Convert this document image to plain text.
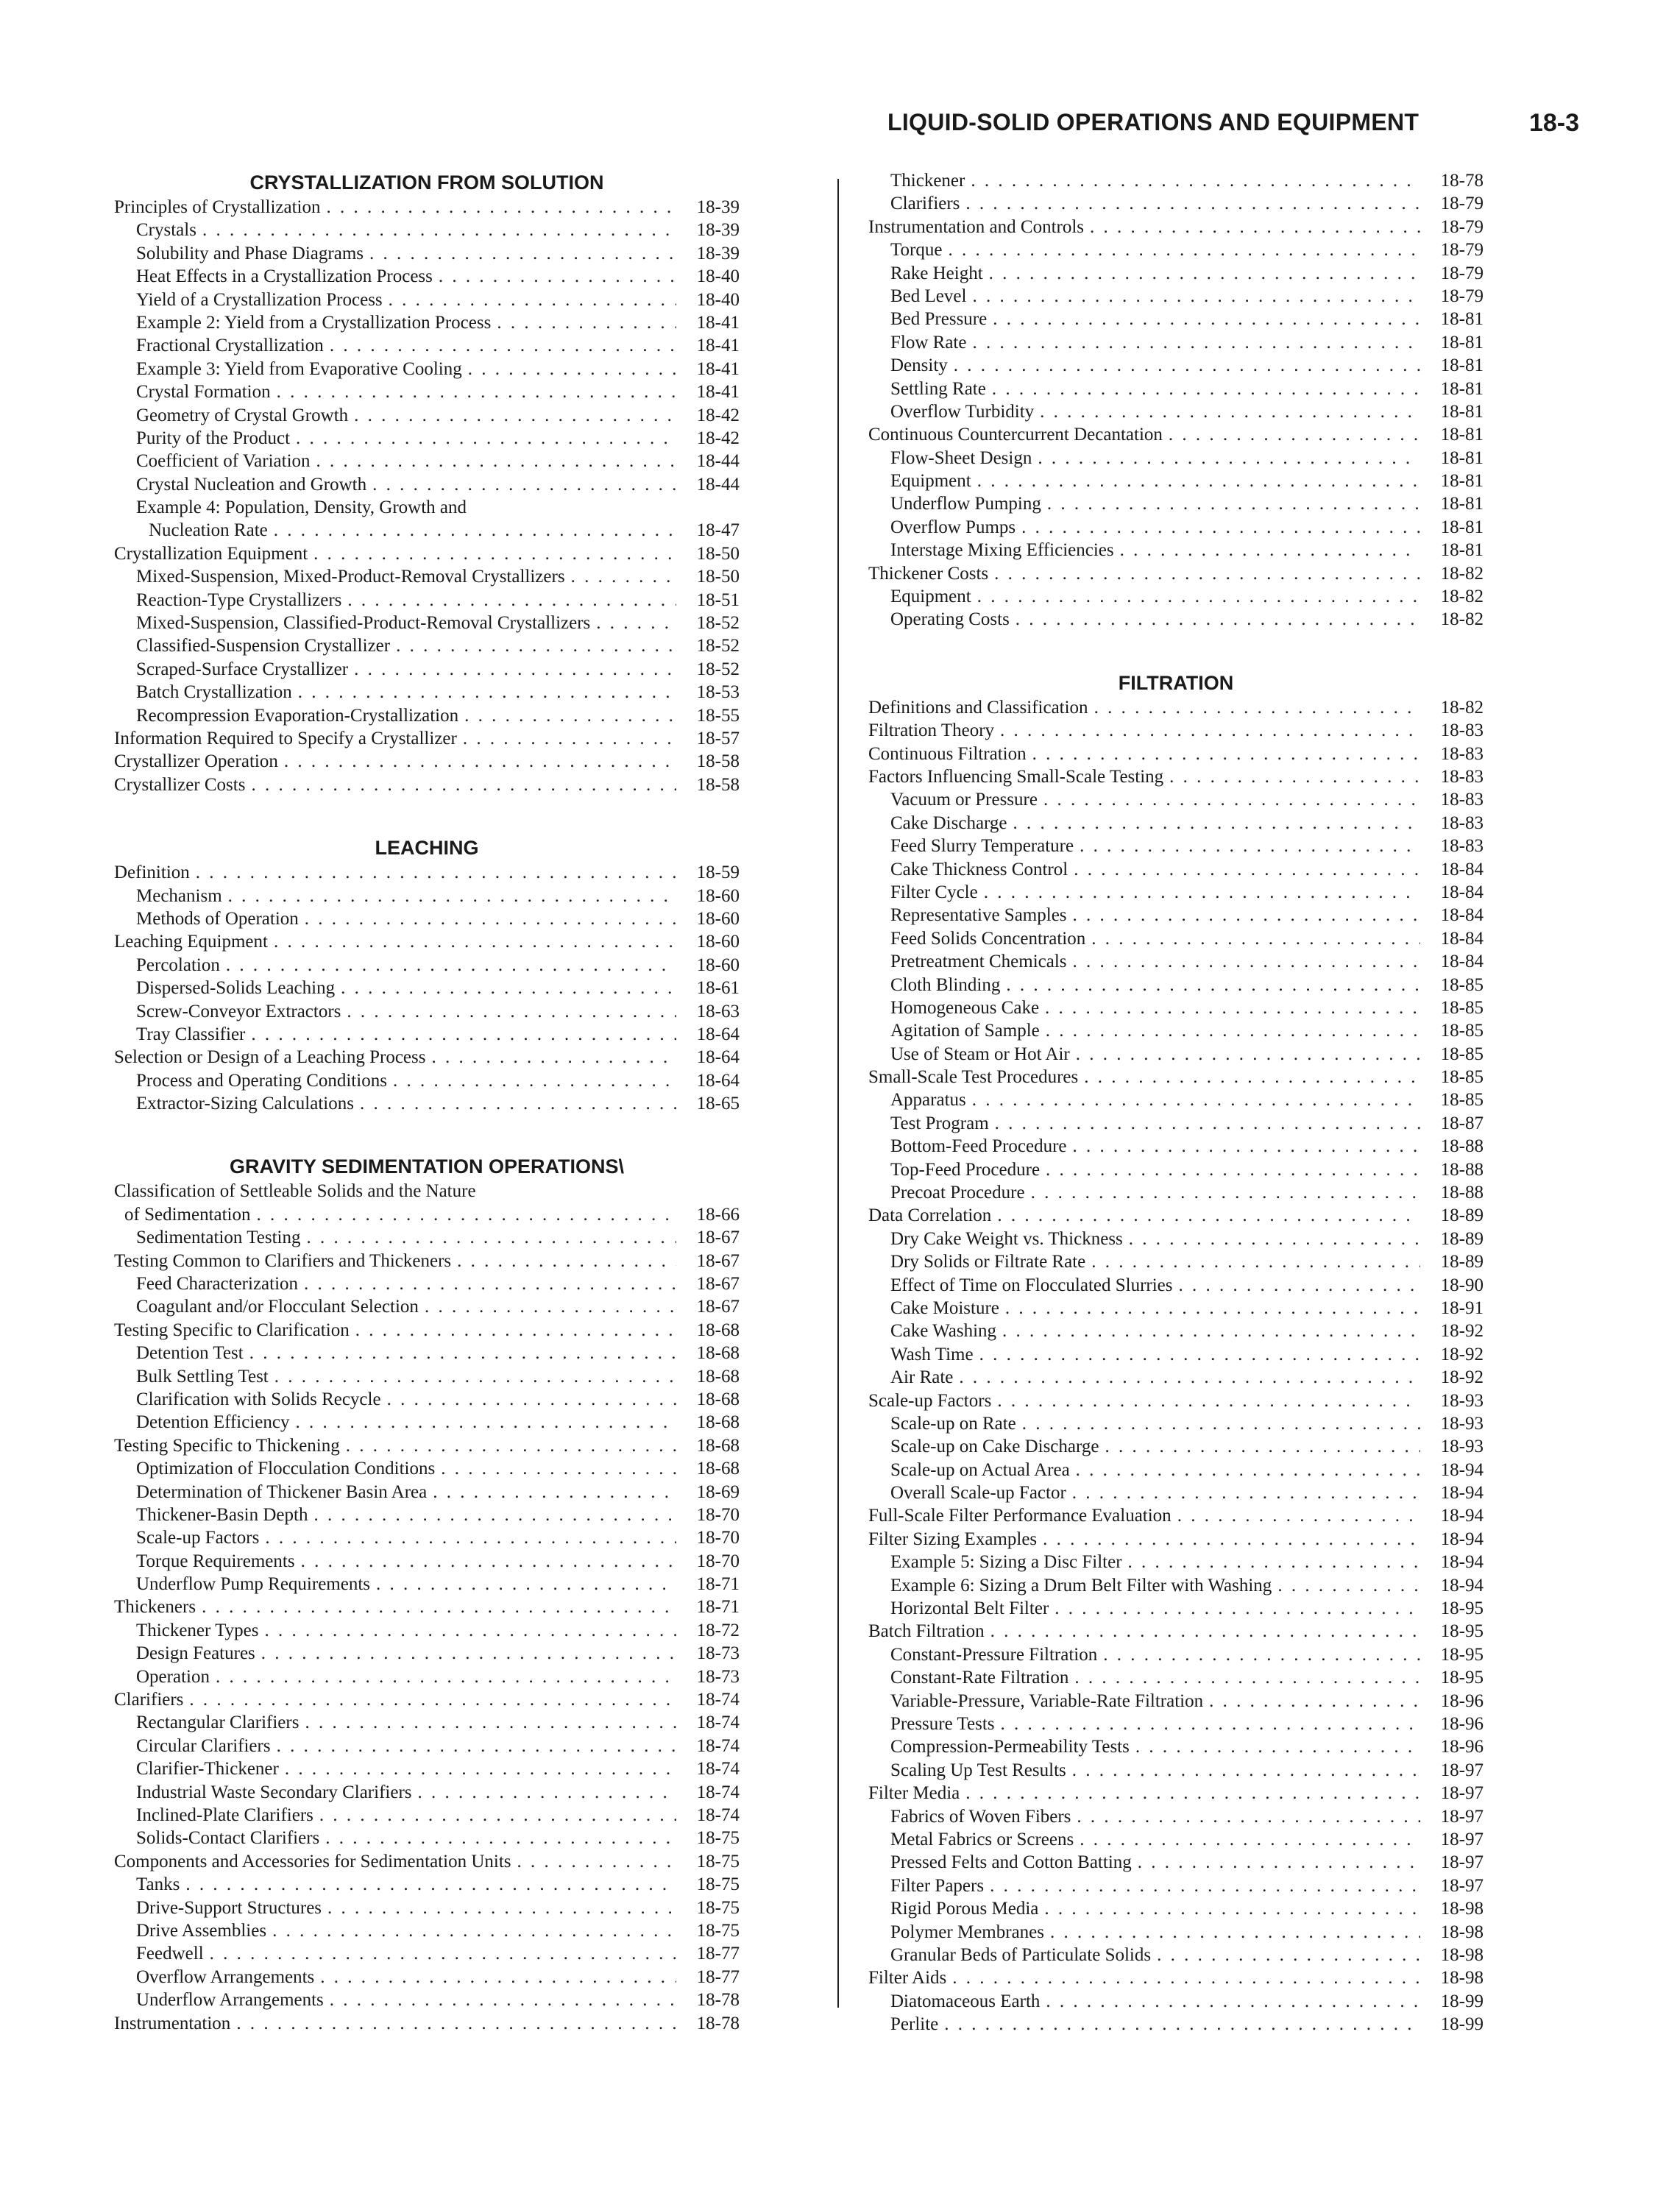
LIQUID-SOLID OPERATIONS AND EQUIPMENT	18-3
CRYSTALLIZATION FROM SOLUTION
Principles of Crystallization . . .	18-39
Crystals . . .	18-39
Solubility and Phase Diagrams . . .	18-39
Heat Effects in a Crystallization Process . . .	18-40
Yield of a Crystallization Process . . .	18-40
Example 2: Yield from a Crystallization Process . . .	18-41
Fractional Crystallization . . .	18-41
Example 3: Yield from Evaporative Cooling . . .	18-41
Crystal Formation . . .	18-41
Geometry of Crystal Growth . . .	18-42
Purity of the Product . . .	18-42
Coefficient of Variation . . .	18-44
Crystal Nucleation and Growth . . .	18-44
Example 4: Population, Density, Growth and
Nucleation Rate . . .	18-47
Crystallization Equipment . . .	18-50
Mixed-Suspension, Mixed-Product-Removal Crystallizers . . .	18-50
Reaction-Type Crystallizers . . .	18-51
Mixed-Suspension, Classified-Product-Removal Crystallizers . . .	18-52
Classified-Suspension Crystallizer . . .	18-52
Scraped-Surface Crystallizer . . .	18-52
Batch Crystallization . . .	18-53
Recompression Evaporation-Crystallization . . .	18-55
Information Required to Specify a Crystallizer . . .	18-57
Crystallizer Operation . . .	18-58
Crystallizer Costs . . .	18-58
LEACHING
Definition . . .	18-59
Mechanism . . .	18-60
Methods of Operation . . .	18-60
Leaching Equipment . . .	18-60
Percolation . . .	18-60
Dispersed-Solids Leaching . . .	18-61
Screw-Conveyor Extractors . . .	18-63
Tray Classifier . . .	18-64
Selection or Design of a Leaching Process . . .	18-64
Process and Operating Conditions . . .	18-64
Extractor-Sizing Calculations . . .	18-65
GRAVITY SEDIMENTATION OPERATIONS\
Classification of Settleable Solids and the Nature
of Sedimentation . . .	18-66
Sedimentation Testing . . .	18-67
Testing Common to Clarifiers and Thickeners . . .	18-67
Feed Characterization . . .	18-67
Coagulant and/or Flocculant Selection . . .	18-67
Testing Specific to Clarification . . .	18-68
Detention Test . . .	18-68
Bulk Settling Test . . .	18-68
Clarification with Solids Recycle . . .	18-68
Detention Efficiency . . .	18-68
Testing Specific to Thickening . . .	18-68
Optimization of Flocculation Conditions . . .	18-68
Determination of Thickener Basin Area . . .	18-69
Thickener-Basin Depth . . .	18-70
Scale-up Factors . . .	18-70
Torque Requirements . . .	18-70
Underflow Pump Requirements . . .	18-71
Thickeners . . .	18-71
Thickener Types . . .	18-72
Design Features . . .	18-73
Operation . . .	18-73
Clarifiers . . .	18-74
Rectangular Clarifiers . . .	18-74
Circular Clarifiers . . .	18-74
Clarifier-Thickener . . .	18-74
Industrial Waste Secondary Clarifiers . . .	18-74
Inclined-Plate Clarifiers . . .	18-74
Solids-Contact Clarifiers . . .	18-75
Components and Accessories for Sedimentation Units . . .	18-75
Tanks . . .	18-75
Drive-Support Structures . . .	18-75
Drive Assemblies . . .	18-75
Feedwell . . .	18-77
Overflow Arrangements . . .	18-77
Underflow Arrangements . . .	18-78
Instrumentation . . .	18-78
Thickener . . .	18-78
Clarifiers . . .	18-79
Instrumentation and Controls . . .	18-79
Torque . . .	18-79
Rake Height . . .	18-79
Bed Level . . .	18-79
Bed Pressure . . .	18-81
Flow Rate . . .	18-81
Density . . .	18-81
Settling Rate . . .	18-81
Overflow Turbidity . . .	18-81
Continuous Countercurrent Decantation . . .	18-81
Flow-Sheet Design . . .	18-81
Equipment . . .	18-81
Underflow Pumping . . .	18-81
Overflow Pumps . . .	18-81
Interstage Mixing Efficiencies . . .	18-81
Thickener Costs . . .	18-82
Equipment . . .	18-82
Operating Costs . . .	18-82
FILTRATION
Definitions and Classification . . .	18-82
Filtration Theory . . .	18-83
Continuous Filtration . . .	18-83
Factors Influencing Small-Scale Testing . . .	18-83
Vacuum or Pressure . . .	18-83
Cake Discharge . . .	18-83
Feed Slurry Temperature . . .	18-83
Cake Thickness Control . . .	18-84
Filter Cycle . . .	18-84
Representative Samples . . .	18-84
Feed Solids Concentration . . .	18-84
Pretreatment Chemicals . . .	18-84
Cloth Blinding . . .	18-85
Homogeneous Cake . . .	18-85
Agitation of Sample . . .	18-85
Use of Steam or Hot Air . . .	18-85
Small-Scale Test Procedures . . .	18-85
Apparatus . . .	18-85
Test Program . . .	18-87
Bottom-Feed Procedure . . .	18-88
Top-Feed Procedure . . .	18-88
Precoat Procedure . . .	18-88
Data Correlation . . .	18-89
Dry Cake Weight vs. Thickness . . .	18-89
Dry Solids or Filtrate Rate . . .	18-89
Effect of Time on Flocculated Slurries . . .	18-90
Cake Moisture . . .	18-91
Cake Washing . . .	18-92
Wash Time . . .	18-92
Air Rate . . .	18-92
Scale-up Factors . . .	18-93
Scale-up on Rate . . .	18-93
Scale-up on Cake Discharge . . .	18-93
Scale-up on Actual Area . . .	18-94
Overall Scale-up Factor . . .	18-94
Full-Scale Filter Performance Evaluation . . .	18-94
Filter Sizing Examples . . .	18-94
Example 5: Sizing a Disc Filter . . .	18-94
Example 6: Sizing a Drum Belt Filter with Washing . . .	18-94
Horizontal Belt Filter . . .	18-95
Batch Filtration . . .	18-95
Constant-Pressure Filtration . . .	18-95
Constant-Rate Filtration . . .	18-95
Variable-Pressure, Variable-Rate Filtration . . .	18-96
Pressure Tests . . .	18-96
Compression-Permeability Tests . . .	18-96
Scaling Up Test Results . . .	18-97
Filter Media . . .	18-97
Fabrics of Woven Fibers . . .	18-97
Metal Fabrics or Screens . . .	18-97
Pressed Felts and Cotton Batting . . .	18-97
Filter Papers . . .	18-97
Rigid Porous Media . . .	18-98
Polymer Membranes . . .	18-98
Granular Beds of Particulate Solids . . .	18-98
Filter Aids . . .	18-98
Diatomaceous Earth . . .	18-99
Perlite . . .	18-99
